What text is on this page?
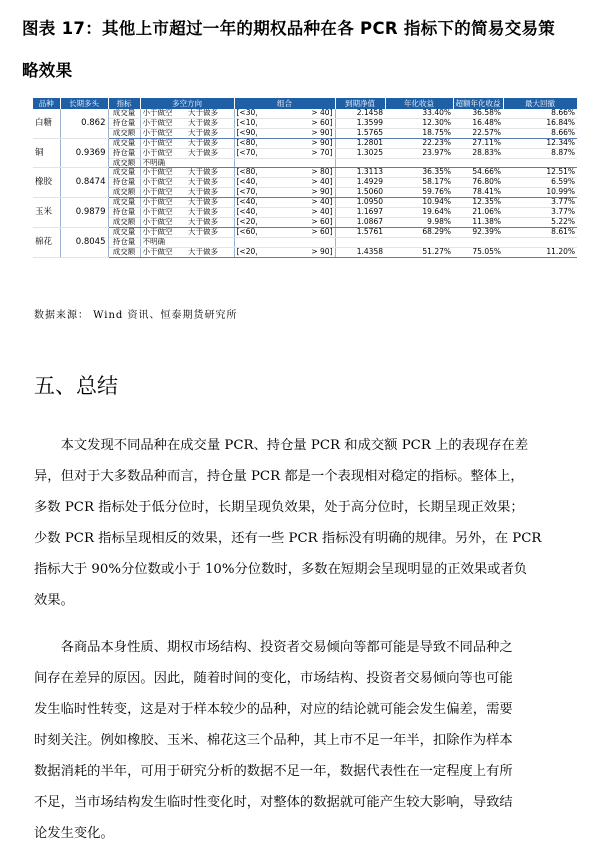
图表 17：其他上市超过一年的期权品种在各 PCR 指标下的简易交易策
略效果
品种	长期多头	指标	多空方向		组合		到期净值	年化收益	超额年化收益	最大回撤	
白糖	0.862	成交量	小于做空	大于做多	[<30，	> 40]	2.1458	33.40%	36.58%	8.66%	
		持仓量	小于做空	大于做多	[<10，	> 60]	1.3599	12.30%	16.48%	16.84%	
		成交额	小于做空	大于做多	[<90，	> 90]	1.5765	18.75%	22.57%	8.66%	
铜	0.9369	成交量	小于做空	大于做多	[<80，	> 90]	1.2801	22.23%	27.11%	12.34%	
		持仓量	小于做空	大于做多	[<70，	> 70]	1.3025	23.97%	28.83%	8.87%	
		成交额	不明确								
橡胶	0.8474	成交量	小于做空	大于做多	[<80，	> 80]	1.3113	36.35%	54.66%	12.51%	
		持仓量	小于做空	大于做多	[<40，	> 40]	1.4929	58.17%	76.80%	6.59%	
		成交额	小于做空	大于做多	[<70，	> 90]	1.5060	59.76%	78.41%	10.99%	
玉米	0.9879	成交量	小于做空	大于做多	[<40，	> 40]	1.0950	10.94%	12.35%	3.77%	
		持仓量	小于做空	大于做多	[<40，	> 40]	1.1697	19.64%	21.06%	3.77%	
		成交额	小于做空	大于做多	[<20，	> 60]	1.0867	9.98%	11.38%	5.22%	
棉花	0.8045	成交量	小于做空	大于做多	[<60，	> 60]	1.5761	68.29%	92.39%	8.61%	
		持仓量	不明确								
		成交额	小于做空	大于做多	[<20，	> 90]	1.4358	51.27%	75.05%	11.20%	
数据来源： Wind 资讯、恒泰期货研究所
五、总结
　　本文发现不同品种在成交量 PCR、持仓量 PCR 和成交额 PCR 上的表现存在差
异，但对于大多数品种而言，持仓量 PCR 都是一个表现相对稳定的指标。整体上，
多数 PCR 指标处于低分位时，长期呈现负效果，处于高分位时，长期呈现正效果；
少数 PCR 指标呈现相反的效果，还有一些 PCR 指标没有明确的规律。另外，在 PCR
指标大于 90%分位数或小于 10%分位数时，多数在短期会呈现明显的正效果或者负
效果。
　　各商品本身性质、期权市场结构、投资者交易倾向等都可能是导致不同品种之
间存在差异的原因。因此，随着时间的变化，市场结构、投资者交易倾向等也可能
发生临时性转变，这是对于样本较少的品种，对应的结论就可能会发生偏差，需要
时刻关注。例如橡胶、玉米、棉花这三个品种，其上市不足一年半，扣除作为样本
数据消耗的半年，可用于研究分析的数据不足一年，数据代表性在一定程度上有所
不足，当市场结构发生临时性变化时，对整体的数据就可能产生较大影响，导致结
论发生变化。
